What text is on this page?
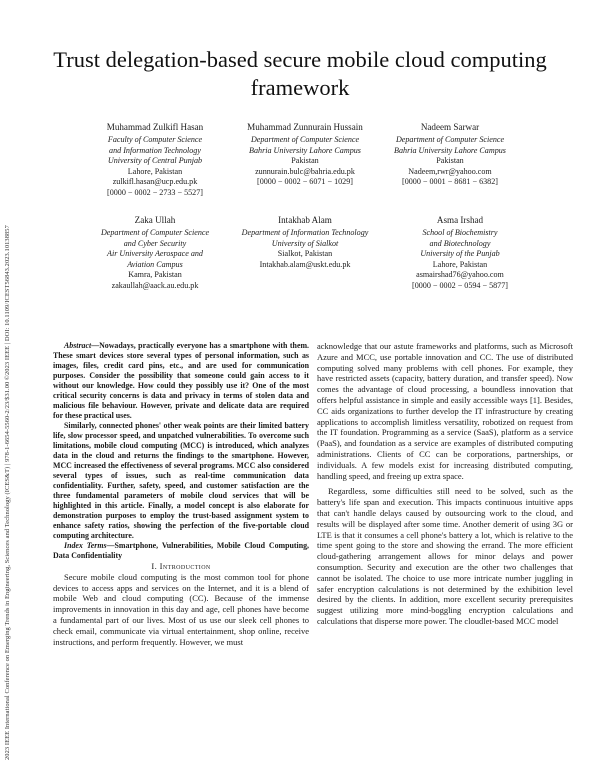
2023 IEEE International Conference on Emerging Trends in Engineering, Sciences and Technology (ICES&T) | 978-1-6654-5560-2/23/$31.00 ©2023 IEEE | DOI: 10.1109/ICEST56843.2023.10138857
Trust delegation-based secure mobile cloud computing framework
Muhammad Zulkifl Hasan
Faculty of Computer Science
and Information Technology
University of Central Punjab
Lahore, Pakistan
zulkifl.hasan@ucp.edu.pk
[0000 − 0002 − 2733 − 5527]
Muhammad Zunnurain Hussain
Department of Computer Science
Bahria University Lahore Campus
Pakistan
zunnurain.bulc@bahria.edu.pk
[0000 − 0002 − 6071 − 1029]
Nadeem Sarwar
Department of Computer Science
Bahria University Lahore Campus
Pakistan
Nadeem,rwr@yahoo.com
[0000 − 0001 − 8681 − 6382]
Zaka Ullah
Department of Computer Science
and Cyber Security
Air University Aerospace and
Aviation Campus
Kamra, Pakistan
zakaullah@aack.au.edu.pk
Intakhab Alam
Department of Information Technology
University of Sialkot
Sialkot, Pakistan
Intakhab.alam@uskt.edu.pk
Asma Irshad
School of Biochemistry
and Biotechnology
University of the Punjab
Lahore, Pakistan
asmairshad76@yahoo.com
[0000 − 0002 − 0594 − 5877]

Abstract—Nowadays, practically everyone has a smartphone with them. These smart devices store several types of personal information, such as images, files, credit card pins, etc., and are used for communication purposes. Consider the possibility that someone could gain access to it without our knowledge. How could they possibly use it? One of the most critical security concerns is data and privacy in terms of stolen data and malicious file behaviour. However, private and delicate data are required for these practical uses.

Similarly, connected phones' other weak points are their limited battery life, slow processor speed, and unpatched vulnerabilities. To overcome such limitations, mobile cloud computing (MCC) is introduced, which analyzes data in the cloud and returns the findings to the smartphone. However, MCC increased the effectiveness of several programs. MCC also considered several types of issues, such as real-time communication data confidentiality. Further, safety, speed, and customer satisfaction are the three fundamental parameters of mobile cloud services that will be highlighted in this article. Finally, a model concept is also elaborate for demonstration purposes to employ the trust-based assignment system to enhance safety ratios, showing the perfection of the five-portable cloud computing architecture.

Index Terms—Smartphone, Vulnerabilities, Mobile Cloud Computing, Data Confidentiality

I. Introduction

Secure mobile cloud computing is the most common tool for phone devices to access apps and services on the Internet, and it is a blend of mobile Web and cloud computing (CC). Because of the immense improvements in innovation in this day and age, cell phones have become a fundamental part of our lives. Most of us use our sleek cell phones to check email, communicate via virtual entertainment, shop online, receive instructions, and perform frequently. However, we must

acknowledge that our astute frameworks and platforms, such as Microsoft Azure and MCC, use portable innovation and CC. The use of distributed computing solved many problems with cell phones. For example, they have restricted assets (capacity, battery duration, and transfer speed). Now comes the advantage of cloud processing, a boundless innovation that offers helpful assistance in simple and easily accessible ways [1]. Besides, CC aids organizations to further develop the IT infrastructure by creating applications to accomplish limitless versatility, robotized on request from the IT foundation. Programming as a service (SaaS), platform as a service (PaaS), and foundation as a service are examples of distributed computing administrations. Clients of CC can be corporations, partnerships, or individuals. A few models exist for increasing distributed computing, handling speed, and freeing up extra space.

Regardless, some difficulties still need to be solved, such as the battery's life span and execution. This impacts continuous intuitive apps that can't handle delays caused by outsourcing work to the cloud, and results will be displayed after some time. Another demerit of using 3G or LTE is that it consumes a cell phone's battery a lot, which is relative to the time spent going to the store and showing the errand. The more efficient cloud-gathering arrangement allows for minor delays and power consumption. Security and execution are the other two challenges that cannot be isolated. The choice to use more intricate number juggling in safer encryption calculations is not determined by the exhibition level desired by the clients. In addition, more excellent security prerequisites suggest utilizing more mind-boggling encryption calculations and calculations that disperse more power. The cloudlet-based MCC model
